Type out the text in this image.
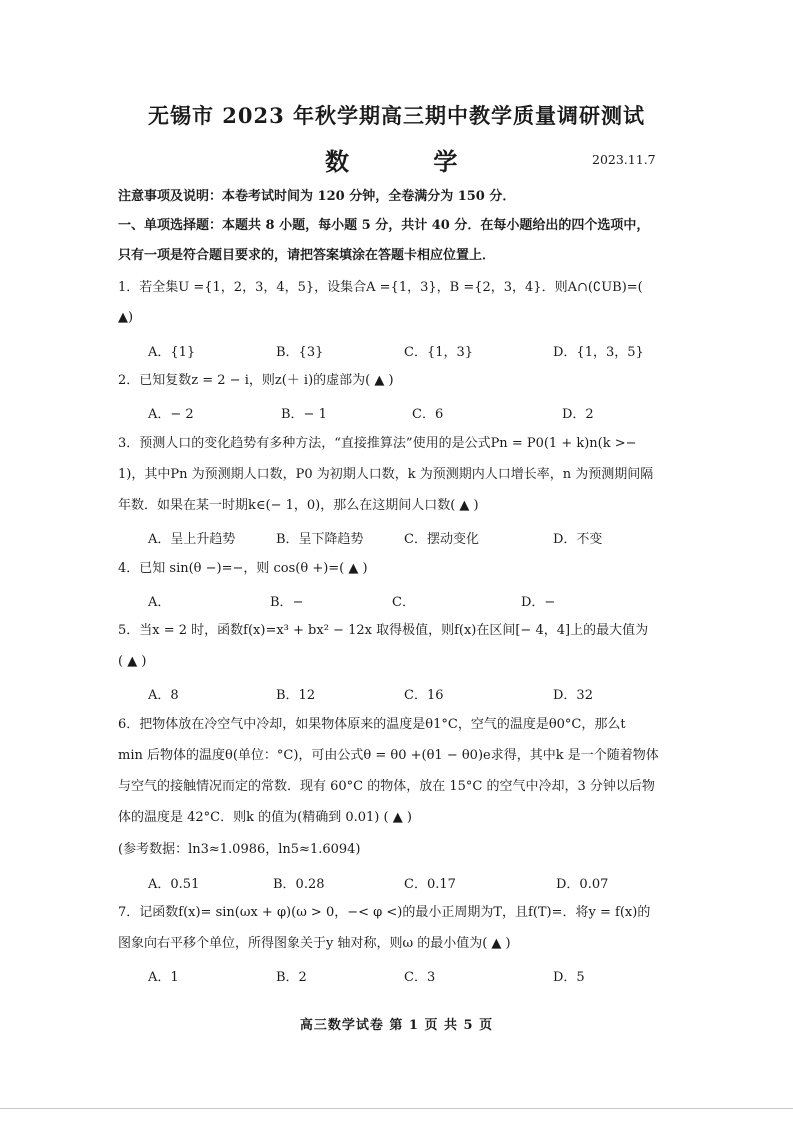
无锡市 2023 年秋学期高三期中教学质量调研测试
数 学	2023.11.7
注意事项及说明：本卷考试时间为 120 分钟，全卷满分为 150 分．
一、单项选择题：本题共 8 小题，每小题 5 分，共计 40 分．在每小题给出的四个选项中，
只有一项是符合题目要求的，请把答案填涂在答题卡相应位置上．
1．若全集U ={1，2，3，4，5}，设集合A ={1，3}，B ={2，3，4}．则A∩(∁UB)=(
▲)
A．{1}	B．{3}	C．{1，3}	D．{1，3，5}
2．已知复数z = 2 − i，则z(＋ i)的虚部为( ▲ )
A．− 2	B．− 1	C．6	D．2
3．预测人口的变化趋势有多种方法，“直接推算法”使用的是公式Pn = P0(1 + k)n(k >−
1)，其中Pn 为预测期人口数，P0 为初期人口数，k 为预测期内人口增长率，n 为预测期间隔
年数．如果在某一时期k∈(− 1，0)，那么在这期间人口数( ▲ )
A．呈上升趋势	B．呈下降趋势	C．摆动变化	D．不变
4．已知 sin(θ −)=−，则 cos(θ +)=( ▲ )
A．	B．−	C．	D．−
5．当x = 2 时，函数f(x)=x³ + bx² − 12x 取得极值，则f(x)在区间[− 4，4]上的最大值为
( ▲ )
A．8	B．12	C．16	D．32
6．把物体放在冷空气中冷却，如果物体原来的温度是θ1°C，空气的温度是θ0°C，那么t
min 后物体的温度θ(单位：°C)，可由公式θ = θ0 +(θ1 − θ0)e求得，其中k 是一个随着物体
与空气的接触情况而定的常数．现有 60°C 的物体，放在 15°C 的空气中冷却，3 分钟以后物
体的温度是 42°C．则k 的值为(精确到 0.01) ( ▲ )
(参考数据：ln3≈1.0986，ln5≈1.6094)
A．0.51	B．0.28	C．0.17	D．0.07
7．记函数f(x)= sin(ωx + φ)(ω > 0，−< φ <)的最小正周期为T，且f(T)=．将y = f(x)的
图象向右平移个单位，所得图象关于y 轴对称，则ω 的最小值为( ▲ )
A．1	B．2	C．3	D．5
高三数学试卷 第 1 页 共 5 页
